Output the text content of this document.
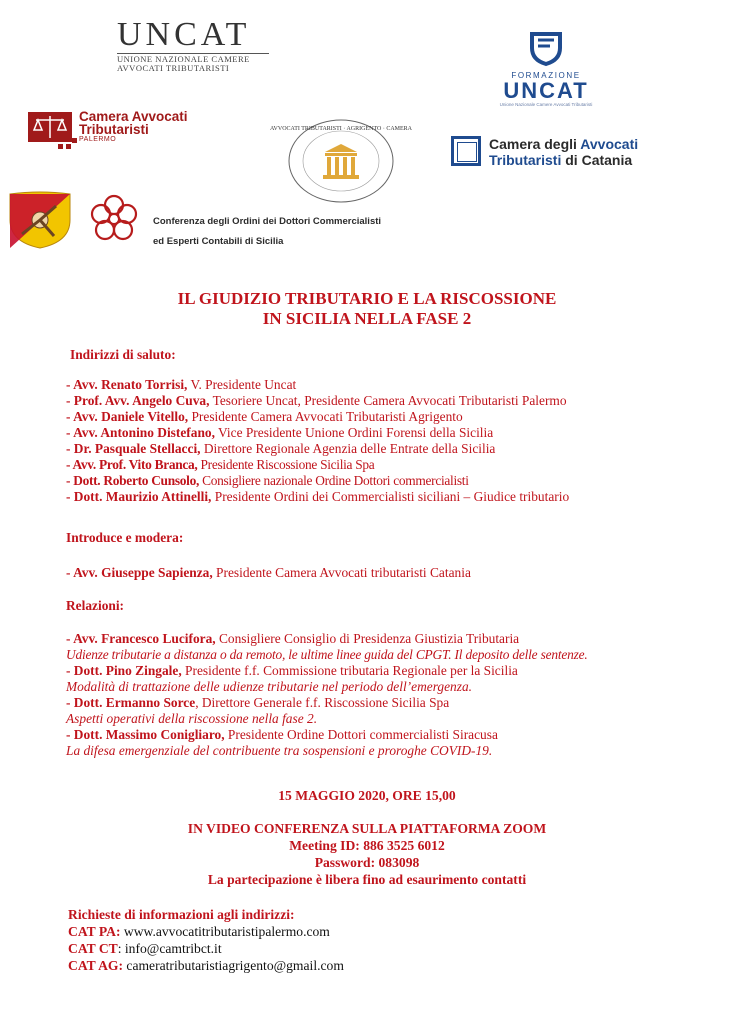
UNCAT
UNIONE NAZIONALE CAMERE
AVVOCATI TRIBUTARISTI
FORMAZIONE
UNCAT
Unione Nazionale Camere Avvocati Tributaristi
Camera Avvocati
Tributaristi
PALERMO
AVVOCATI TRIBUTARISTI · AGRIGENTO · CAMERA
Camera degli Avvocati
Tributaristi di Catania
Conferenza degli Ordini dei Dottori Commercialisti
ed Esperti Contabili di Sicilia
IL GIUDIZIO TRIBUTARIO E LA RISCOSSIONE
IN SICILIA NELLA FASE 2
Indirizzi di saluto:
- Avv. Renato Torrisi, V. Presidente Uncat
- Prof. Avv. Angelo Cuva, Tesoriere Uncat, Presidente Camera Avvocati Tributaristi Palermo
- Avv. Daniele Vitello, Presidente Camera Avvocati Tributaristi Agrigento
- Avv. Antonino Distefano, Vice Presidente Unione Ordini Forensi della Sicilia
- Dr. Pasquale Stellacci, Direttore Regionale Agenzia delle Entrate della Sicilia
- Avv. Prof. Vito Branca, Presidente Riscossione Sicilia Spa
- Dott. Roberto Cunsolo, Consigliere nazionale Ordine Dottori commercialisti
- Dott. Maurizio Attinelli, Presidente Ordini dei Commercialisti siciliani – Giudice tributario
Introduce e modera:
- Avv. Giuseppe Sapienza, Presidente Camera Avvocati tributaristi Catania
Relazioni:
- Avv. Francesco Lucifora, Consigliere Consiglio di Presidenza Giustizia Tributaria
Udienze tributarie a distanza o da remoto, le ultime linee guida del CPGT. Il deposito delle sentenze.
- Dott. Pino Zingale, Presidente f.f. Commissione tributaria Regionale per la Sicilia
Modalità di trattazione delle udienze tributarie nel periodo dell’emergenza.
- Dott. Ermanno Sorce, Direttore Generale f.f. Riscossione Sicilia Spa
Aspetti operativi della riscossione nella fase 2.
- Dott. Massimo Conigliaro, Presidente Ordine Dottori commercialisti Siracusa
La difesa emergenziale del contribuente tra sospensioni e proroghe COVID-19.
15 MAGGIO 2020, ORE 15,00
IN VIDEO CONFERENZA SULLA PIATTAFORMA ZOOM
Meeting ID: 886 3525 6012
Password: 083098
La partecipazione è libera fino ad esaurimento contatti
Richieste di informazioni agli indirizzi:
CAT PA: www.avvocatitributaristipalermo.com
CAT CT: info@camtribct.it
CAT AG: cameratributaristiagrigento@gmail.com
